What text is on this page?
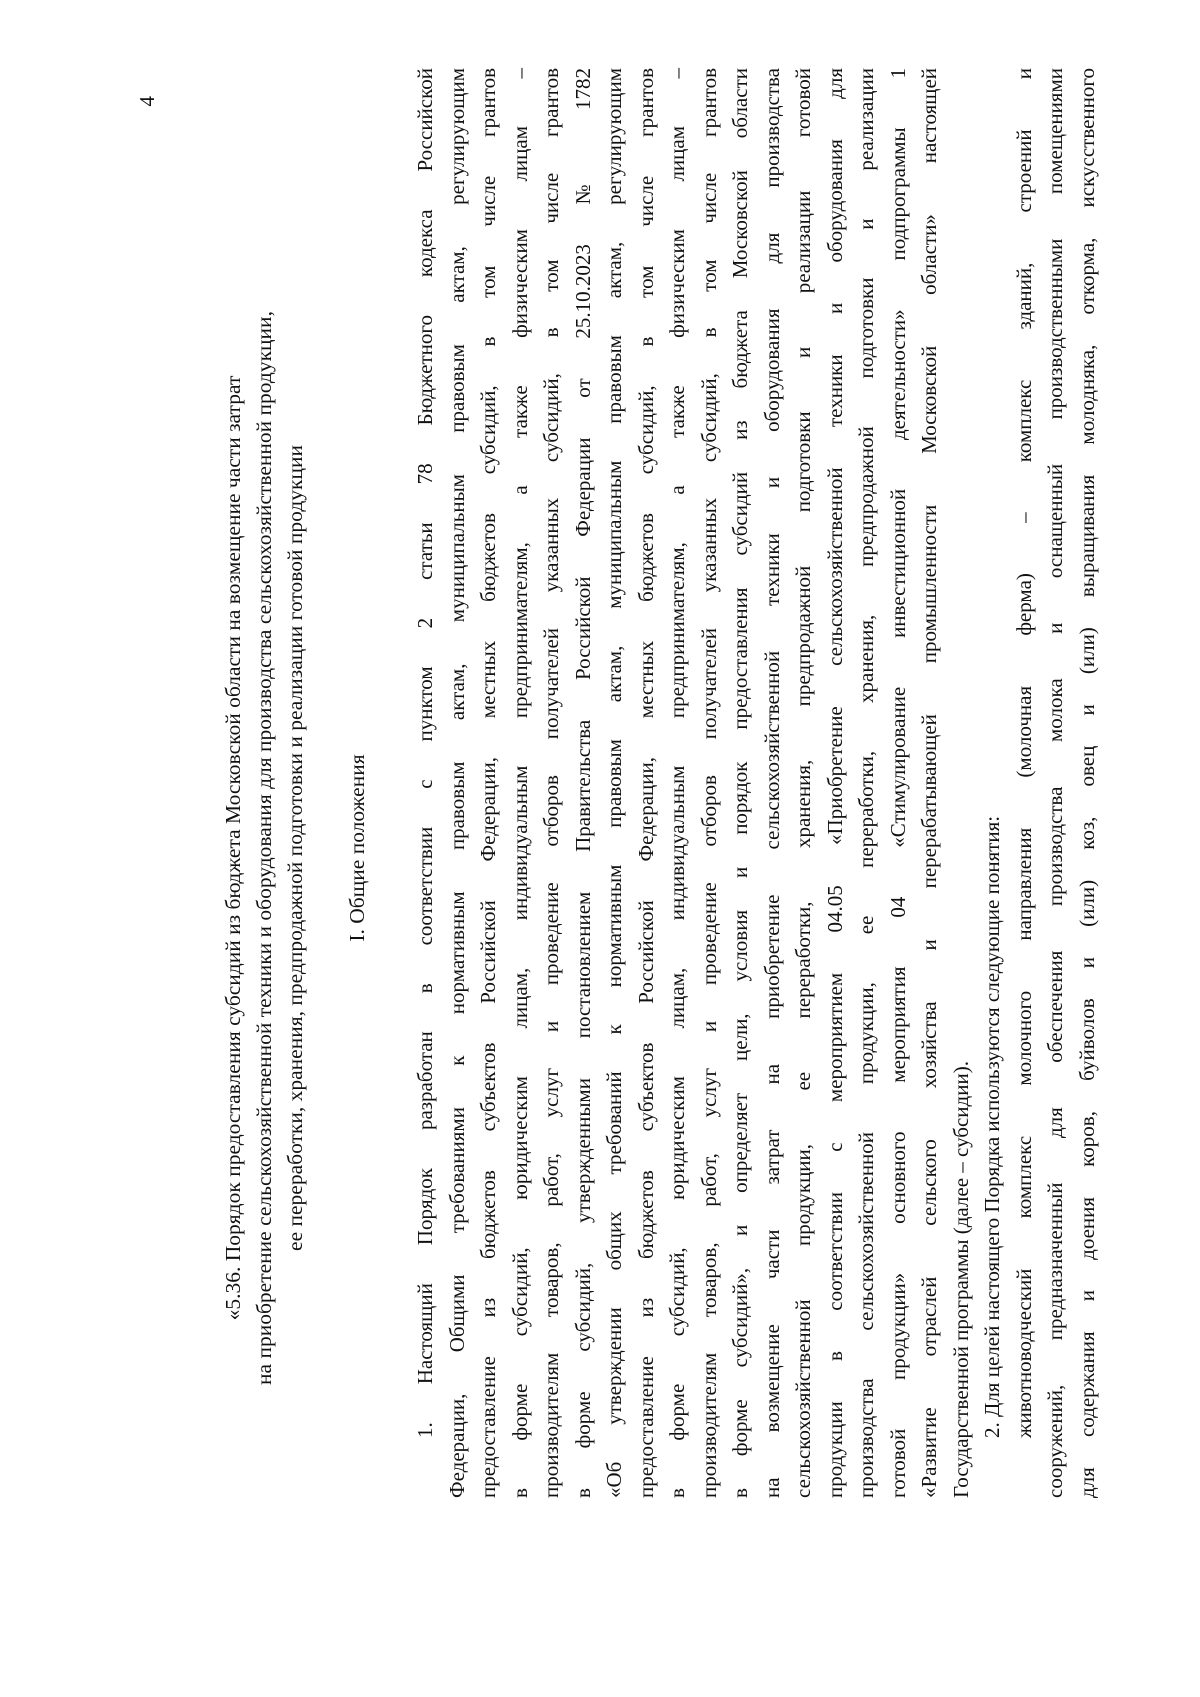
4
«5.36. Порядок предоставления субсидий из бюджета Московской области на возмещение части затрат на приобретение сельскохозяйственной техники и оборудования для производства сельскохозяйственной продукции, ее переработки, хранения, предпродажной подготовки и реализации готовой продукции I. Общие положения 1. Настоящий Порядок разработан в соответствии с пунктом 2 статьи 78 Бюджетного кодекса Российской Федерации, Общими требованиями к нормативным правовым актам, муниципальным правовым актам, регулирующим предоставление из бюджетов субъектов Российской Федерации, местных бюджетов субсидий, в том числе грантов в форме субсидий, юридическим лицам, индивидуальным предпринимателям, а также физическим лицам – производителям товаров, работ, услуг и проведение отборов получателей указанных субсидий, в том числе грантов в форме субсидий, утвержденными постановлением Правительства Российской Федерации от 25.10.2023 № 1782 «Об утверждении общих требований к нормативным правовым актам, муниципальным правовым актам, регулирующим предоставление из бюджетов субъектов Российской Федерации, местных бюджетов субсидий, в том числе грантов в форме субсидий, юридическим лицам, индивидуальным предпринимателям, а также физическим лицам – производителям товаров, работ, услуг и проведение отборов получателей указанных субсидий, в том числе грантов в форме субсидий», и определяет цели, условия и порядок предоставления субсидий из бюджета Московской области на возмещение части затрат на приобретение сельскохозяйственной техники и оборудования для производства сельскохозяйственной продукции, ее переработки, хранения, предпродажной подготовки и реализации готовой продукции в соответствии с мероприятием 04.05 «Приобретение сельскохозяйственной техники и оборудования для производства сельскохозяйственной продукции, ее переработки, хранения, предпродажной подготовки и реализации готовой продукции» основного мероприятия 04 «Стимулирование инвестиционной деятельности» подпрограммы 1 «Развитие отраслей сельского хозяйства и перерабатывающей промышленности Московской области» настоящей Государственной программы (далее – субсидии). 2. Для целей настоящего Порядка используются следующие понятия: животноводческий комплекс молочного направления (молочная ферма) – комплекс зданий, строений и сооружений, предназначенный для обеспечения производства молока и оснащенный производственными помещениями для содержания и доения коров, буйволов и (или) коз, овец и (или) выращивания молодняка, откорма, искусственного
